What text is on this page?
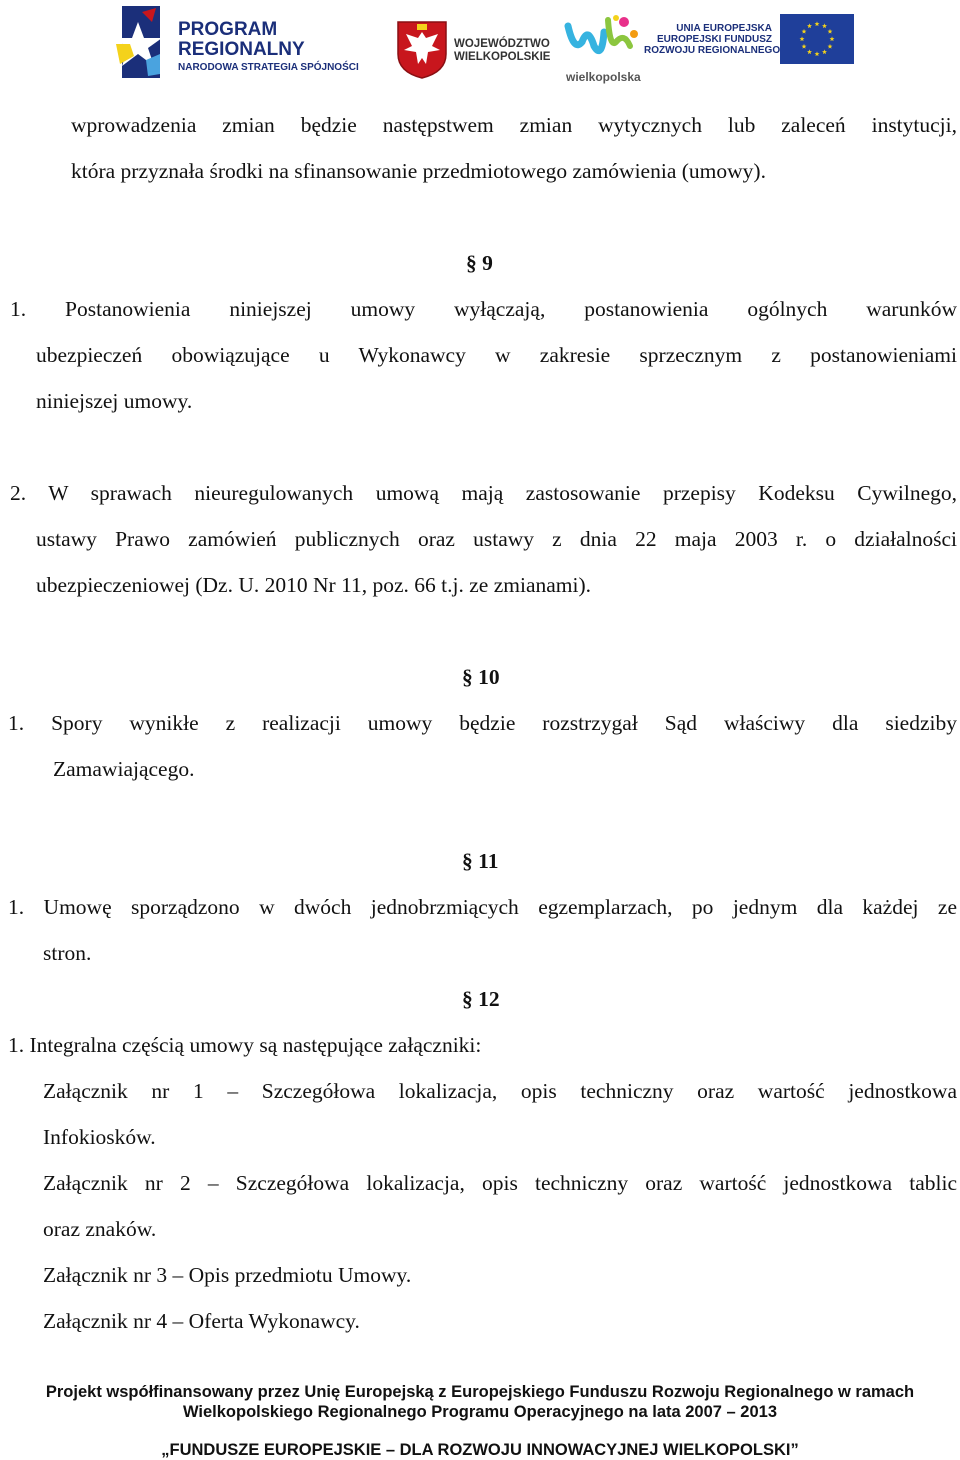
PROGRAM
REGIONALNY
NARODOWA STRATEGIA SPÓJNOŚCI
WOJEWÓDZTWO
WIELKOPOLSKIE
wielkopolska
UNIA EUROPEJSKA
EUROPEJSKI FUNDUSZ
ROZWOJU REGIONALNEGO
wprowadzenia zmian będzie następstwem zmian wytycznych lub zaleceń instytucji,
która przyznała środki na sfinansowanie przedmiotowego zamówienia (umowy).
§ 9
1. Postanowienia niniejszej umowy wyłączają, postanowienia ogólnych warunków
ubezpieczeń obowiązujące u Wykonawcy w zakresie sprzecznym z postanowieniami
niniejszej umowy.
2. W sprawach nieuregulowanych umową mają zastosowanie przepisy Kodeksu Cywilnego,
ustawy Prawo zamówień publicznych oraz ustawy z dnia 22 maja 2003 r. o działalności
ubezpieczeniowej (Dz. U. 2010 Nr 11, poz. 66 t.j. ze zmianami).
§ 10
1. Spory wynikłe z realizacji umowy będzie rozstrzygał Sąd właściwy dla siedziby
Zamawiającego.
§ 11
1. Umowę sporządzono w dwóch jednobrzmiących egzemplarzach, po jednym dla każdej ze
stron.
§ 12
1. Integralna częścią umowy są następujące załączniki:
Załącznik nr 1 – Szczegółowa lokalizacja, opis techniczny oraz wartość jednostkowa
Infokiosków.
Załącznik nr 2 – Szczegółowa lokalizacja, opis techniczny oraz wartość jednostkowa tablic
oraz znaków.
Załącznik nr 3 – Opis przedmiotu Umowy.
Załącznik nr 4 – Oferta Wykonawcy.
Projekt współfinansowany przez Unię Europejską z Europejskiego Funduszu Rozwoju Regionalnego w ramach
Wielkopolskiego Regionalnego Programu Operacyjnego na lata 2007 – 2013
„FUNDUSZE EUROPEJSKIE – DLA ROZWOJU INNOWACYJNEJ WIELKOPOLSKI”
